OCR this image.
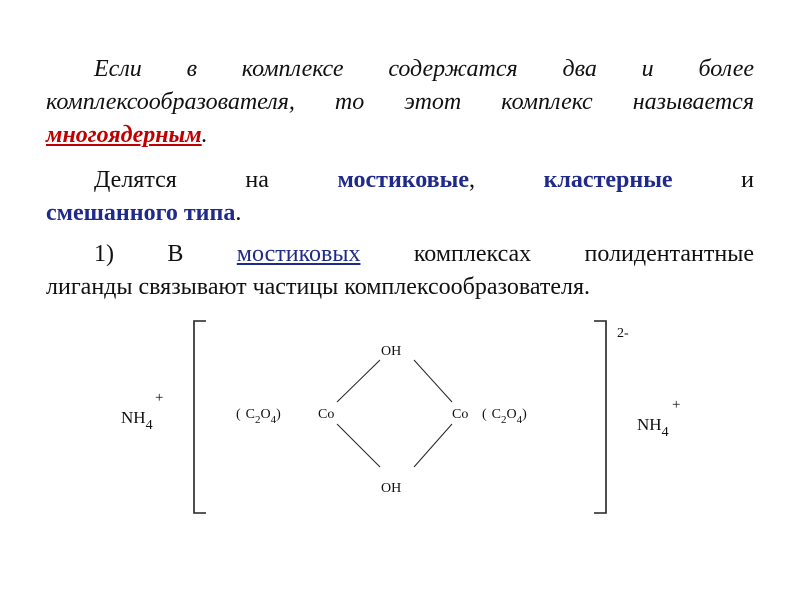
Если в комплексе содержатся два и более
комплексообразователя, то этот комплекс называется
многоядерным.
Делятся на	мостиковые,	кластерные	и
смешанного типа.
1) В мостиковых комплексах полидентантные
лиганды связывают частицы комплексообразователя.
2-
OH
OH
( $C_2O_4$)	Co	Co ( $C_2O_4$)
$NH_4$
+
$NH_4$
+
